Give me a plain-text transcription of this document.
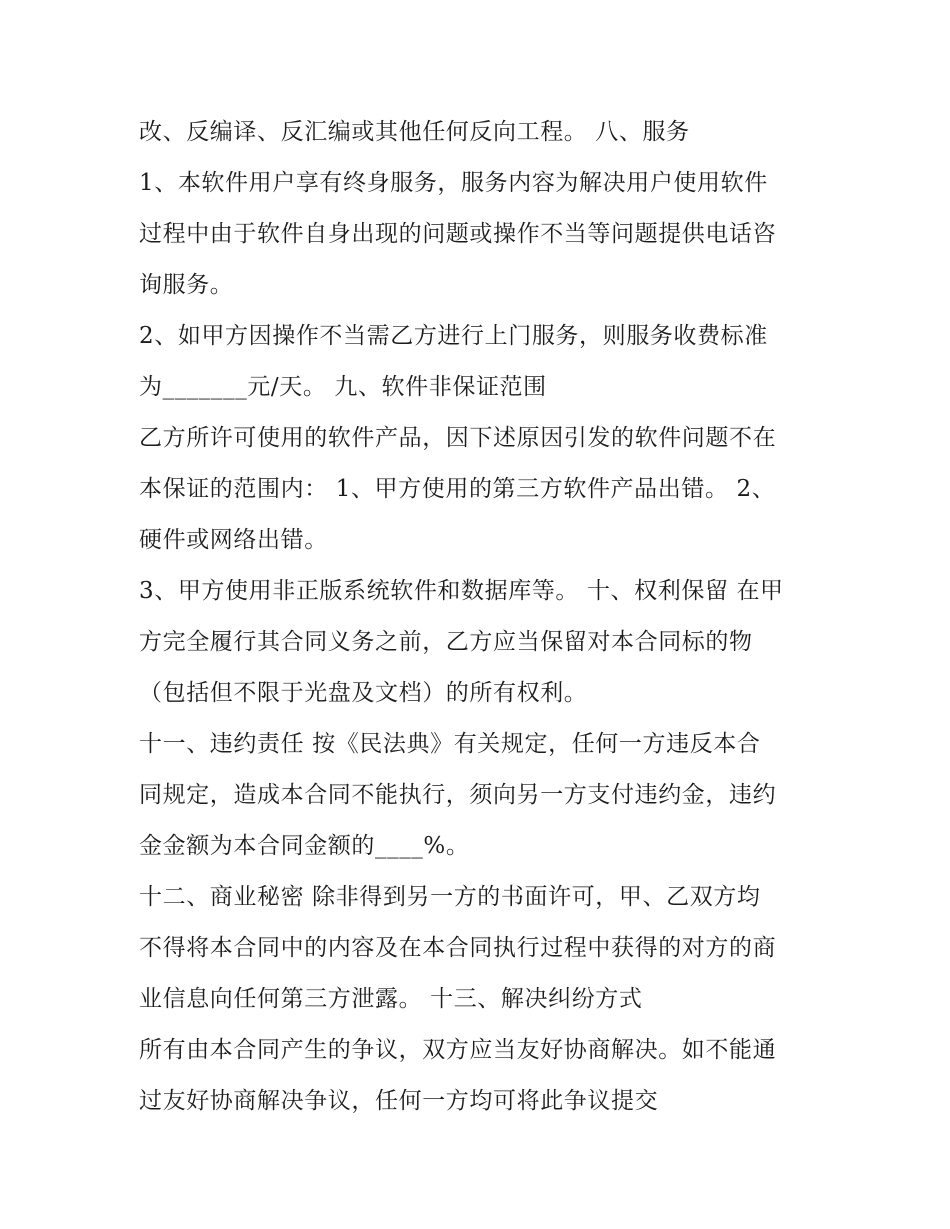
改、反编译、反汇编或其他任何反向工程。 八、服务
1、本软件用户享有终身服务，服务内容为解决用户使用软件
过程中由于软件自身出现的问题或操作不当等问题提供电话咨
询服务。
2、如甲方因操作不当需乙方进行上门服务，则服务收费标准
为_______元/天。 九、软件非保证范围
乙方所许可使用的软件产品，因下述原因引发的软件问题不在
本保证的范围内： 1、甲方使用的第三方软件产品出错。 2、
硬件或网络出错。
3、甲方使用非正版系统软件和数据库等。 十、权利保留 在甲
方完全履行其合同义务之前，乙方应当保留对本合同标的物
（包括但不限于光盘及文档）的所有权利。
十一、违约责任 按《民法典》有关规定，任何一方违反本合
同规定，造成本合同不能执行，须向另一方支付违约金，违约
金金额为本合同金额的____%。
十二、商业秘密 除非得到另一方的书面许可，甲、乙双方均
不得将本合同中的内容及在本合同执行过程中获得的对方的商
业信息向任何第三方泄露。 十三、解决纠纷方式
所有由本合同产生的争议，双方应当友好协商解决。如不能通
过友好协商解决争议，任何一方均可将此争议提交
